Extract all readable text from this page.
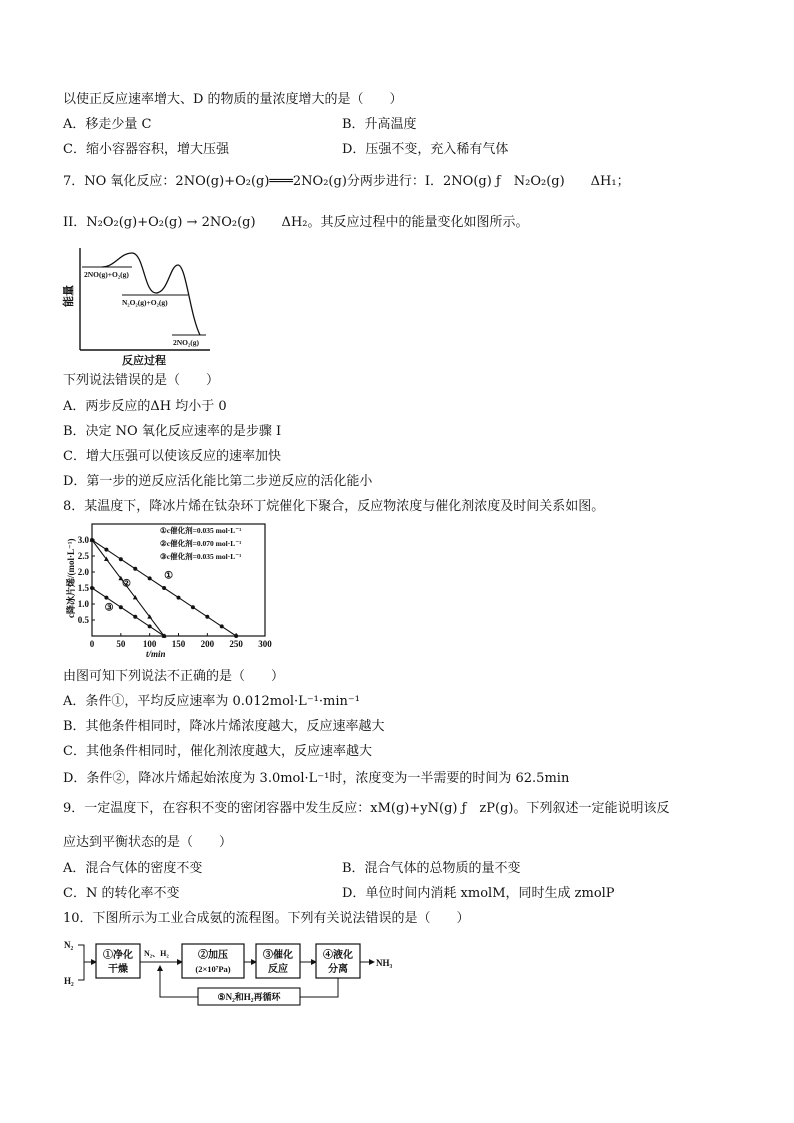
以使正反应速率增大、D 的物质的量浓度增大的是（　　）
A．移走少量 C	B．升高温度
C．缩小容器容积，增大压强	D．压强不变，充入稀有气体
7．NO 氧化反应：2NO(g)+O₂(g)═══2NO₂(g)分两步进行：I．2NO(g) ƒ　N₂O₂(g)　　ΔH₁；
II．N₂O₂(g)+O₂(g) → 2NO₂(g)　　ΔH₂。其反应过程中的能量变化如图所示。
能量
反应过程
2NO(g)+O₂(g)
N₂O₂(g)+O₂(g)
2NO₂(g)
下列说法错误的是（　　）
A．两步反应的ΔH 均小于 0
B．决定 NO 氧化反应速率的是步骤 I
C．增大压强可以使该反应的速率加快
D．第一步的逆反应活化能比第二步逆反应的活化能小
8．某温度下，降冰片烯在钛杂环丁烷催化下聚合，反应物浓度与催化剂浓度及时间关系如图。
c降冰片烯/(mol·L⁻¹)
t/min
0 50 100 150 200 250 300
0.5
1.0
1.5
2.0
2.5
3.0
①
②
③
①c催化剂=0.035 mol·L⁻¹
②c催化剂=0.070 mol·L⁻¹
③c催化剂=0.035 mol·L⁻¹
由图可知下列说法不正确的是（　　）
A．条件①，平均反应速率为 0.012mol·L⁻¹·min⁻¹
B．其他条件相同时，降冰片烯浓度越大，反应速率越大
C．其他条件相同时，催化剂浓度越大，反应速率越大
D．条件②，降冰片烯起始浓度为 3.0mol·L⁻¹时，浓度变为一半需要的时间为 62.5min
9．一定温度下，在容积不变的密闭容器中发生反应：xM(g)+yN(g) ƒ　zP(g)。下列叙述一定能说明该反
应达到平衡状态的是（　　）
A．混合气体的密度不变	B．混合气体的总物质的量不变
C．N 的转化率不变	D．单位时间内消耗 xmolM，同时生成 zmolP
10．下图所示为工业合成氨的流程图。下列有关说法错误的是（　　）
N₂
H₂
①净化
干燥
N₂、H₂	②加压
(2×10⁷Pa)
③催化
反应
④液化
分离
NH₃
⑤N₂和H₂再循环
